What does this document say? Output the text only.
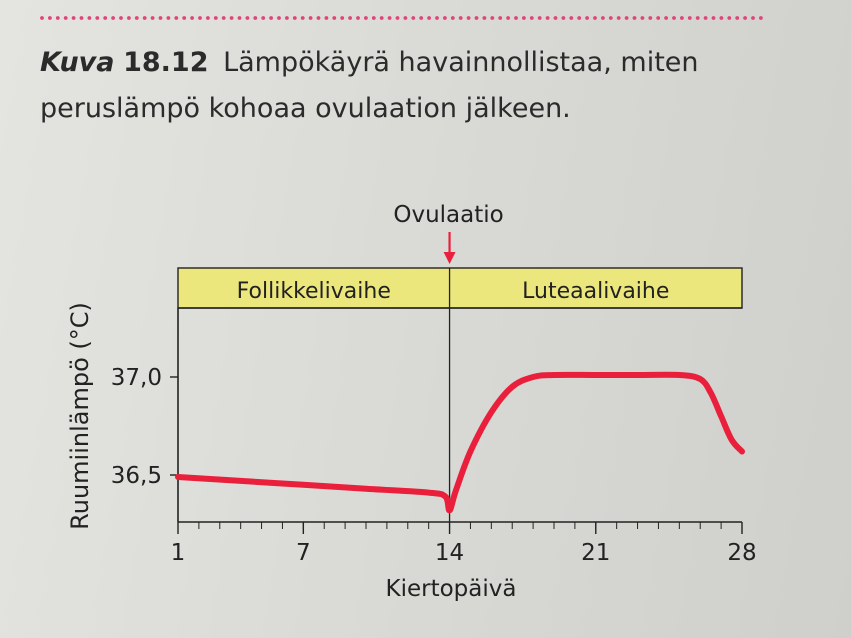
Kuva 18.12 Lämpökäyrä havainnollistaa, miten peruslämpö kohoaa ovulaation jälkeen.
Follikkelivaihe	Luteaalivaihe
1	7	14	21	28
36,5
37,0
Kiertopäivä
Ruumiinlämpö (°C)
Ovulaatio
